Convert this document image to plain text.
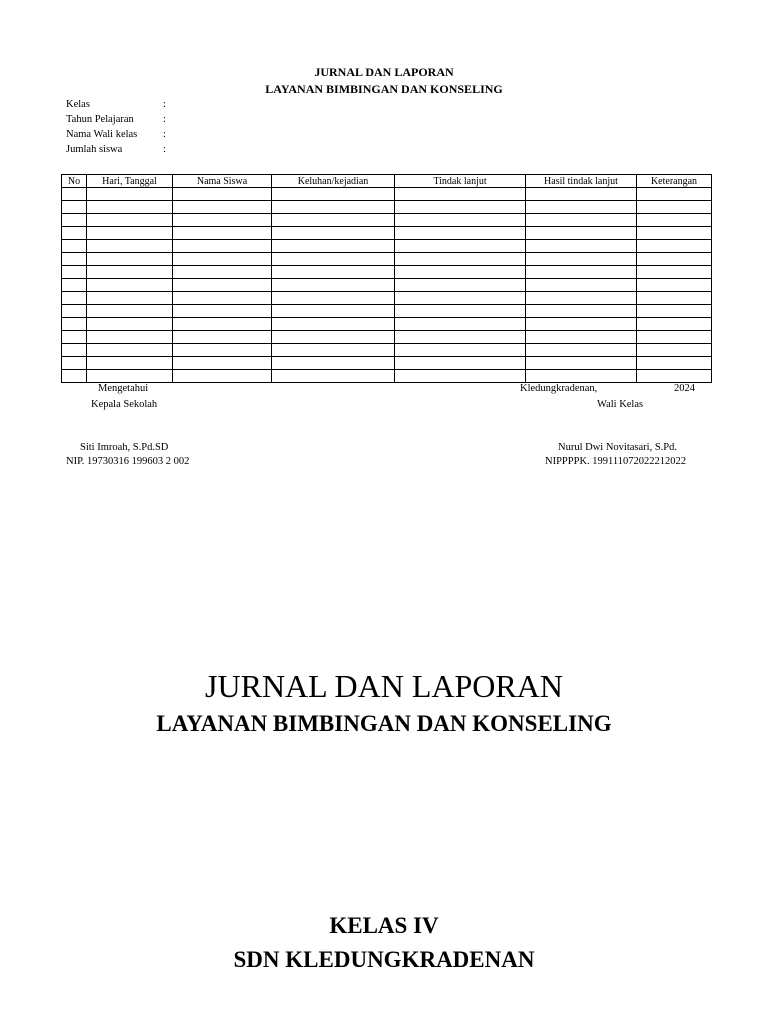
JURNAL DAN LAPORAN
LAYANAN BIMBINGAN DAN KONSELING
Kelas	:
Tahun Pelajaran	:
Nama Wali kelas :
Jumlah siswa	:
No	Hari, Tanggal	Nama Siswa	Keluhan/kejadian	Tindak lanjut	Hasil tindak lanjut	Keterangan

Mengetahui
Kepala Sekolah
Siti Imroah, S.Pd.SD
NIP. 19730316 199603 2 002
Kledungkradenan,	2024
Wali Kelas
Nurul Dwi Novitasari, S.Pd.
NIPPPPK. 199111072022212022
JURNAL DAN LAPORAN
LAYANAN BIMBINGAN DAN KONSELING
KELAS IV
SDN KLEDUNGKRADENAN
